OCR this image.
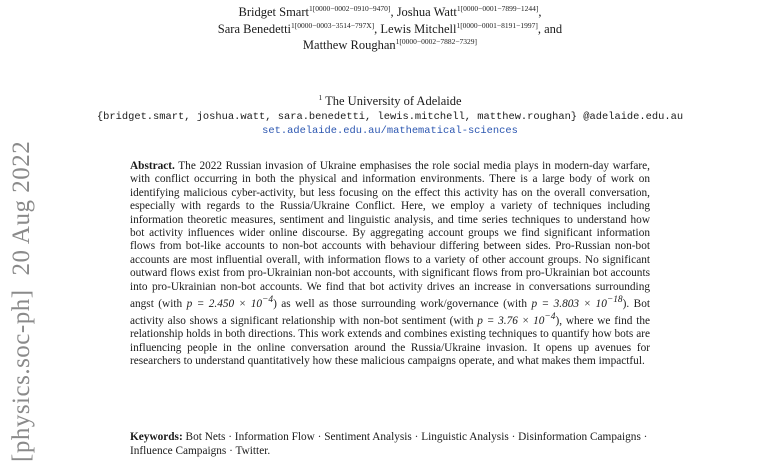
[physics.soc-ph]20 Aug 2022
Bridget Smart$^{1[0000-0002-0910-9470]}$, Joshua Watt$^{1[0000-0001-7899-1244]}$,
Sara Benedetti$^{1[0000-0003-3514-797X]}$, Lewis Mitchell$^{1[0000-0001-8191-1997]}$, and
Matthew Roughan$^{1[0000-0002-7882-7329]}$
$^1$ The University of Adelaide
{bridget.smart, joshua.watt, sara.benedetti, lewis.mitchell, matthew.roughan} @adelaide.edu.au
set.adelaide.edu.au/mathematical-sciences
Abstract. The 2022 Russian invasion of Ukraine emphasises the role social media plays in modern-day warfare, with conflict occurring in both the physical and information environments. There is a large body of work on identifying malicious cyber-activity, but less focusing on the effect this activity has on the overall conversation, especially with regards to the Russia/Ukraine Conflict. Here, we employ a variety of techniques including information theoretic measures, sentiment and linguistic analysis, and time series techniques to understand how bot activity influences wider online discourse. By aggregating account groups we find significant information flows from bot-like accounts to non-bot accounts with behaviour differing between sides. Pro-Russian non-bot accounts are most influential overall, with information flows to a variety of other account groups. No significant outward flows exist from pro-Ukrainian non-bot accounts, with significant flows from pro-Ukrainian bot accounts into pro-Ukrainian non-bot accounts. We find that bot activity drives an increase in conversations surrounding angst (with $p = 2.450 \times 10^{-4}$) as well as those surrounding work/governance (with $p = 3.803 \times 10^{-18}$). Bot activity also shows a significant relationship with non-bot sentiment (with $p = 3.76 \times 10^{-4}$), where we find the relationship holds in both directions. This work extends and combines existing techniques to quantify how bots are influencing people in the online conversation around the Russia/Ukraine invasion. It opens up avenues for researchers to understand quantitatively how these malicious campaigns operate, and what makes them impactful.
Keywords: Bot Nets · Information Flow · Sentiment Analysis · Linguistic Analysis · Disinformation Campaigns · Influence Campaigns · Twitter.
